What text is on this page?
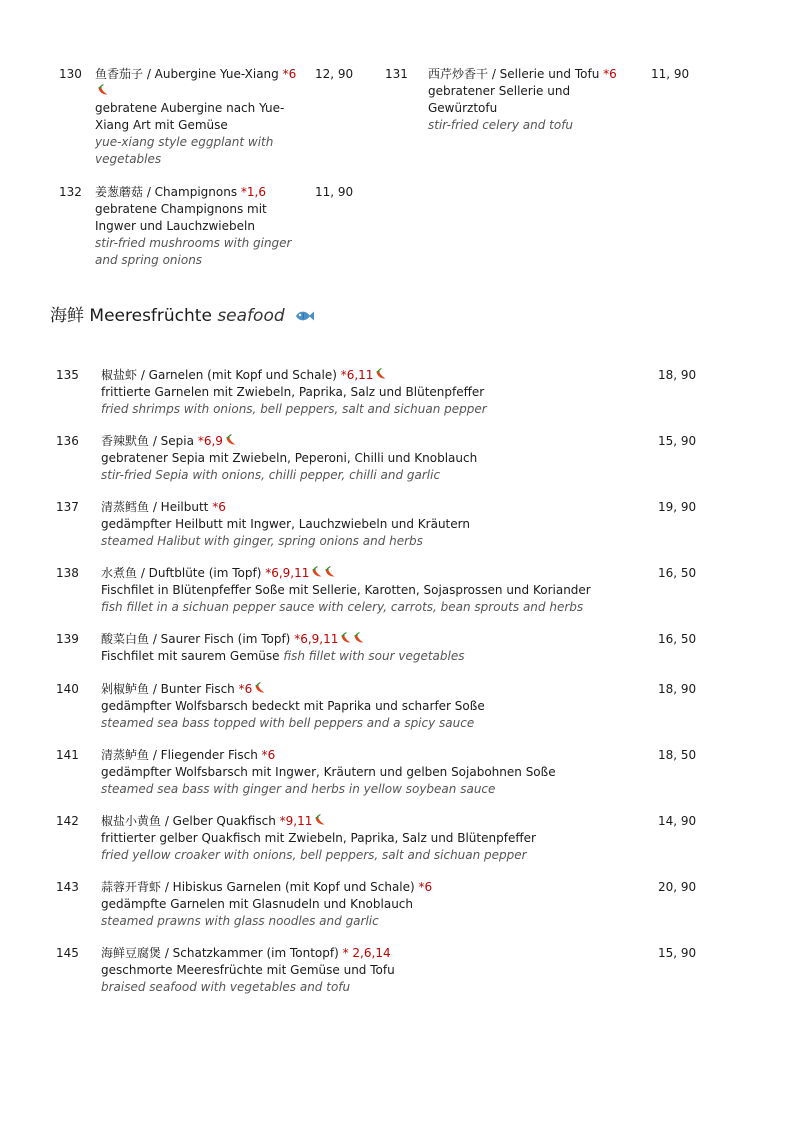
130 鱼香茄子 / Aubergine Yue-Xiang *6
gebratene Aubergine nach Yue-Xiang Art mit Gemüse
yue-xiang style eggplant with vegetables
12, 90	131 西芹炒香干 / Sellerie und Tofu *6
gebratener Sellerie und Gewürztofu
stir-fried celery and tofu
11, 90
132 姜葱蘑菇 / Champignons *1,6
gebratene Champignons mit Ingwer und Lauchzwiebeln
stir-fried mushrooms with ginger and spring onions
11, 90
海鲜 Meeresfrüchte seafood
135 椒盐虾 / Garnelen (mit Kopf und Schale) *6,11
frittierte Garnelen mit Zwiebeln, Paprika, Salz und Blütenpfeffer
fried shrimps with onions, bell peppers, salt and sichuan pepper
18, 90
136 香辣默鱼 / Sepia *6,9
gebratener Sepia mit Zwiebeln, Peperoni, Chilli und Knoblauch
stir-fried Sepia with onions, chilli pepper, chilli and garlic
15, 90
137 清蒸鳕鱼 / Heilbutt *6
gedämpfter Heilbutt mit Ingwer, Lauchzwiebeln und Kräutern
steamed Halibut with ginger, spring onions and herbs
19, 90
138 水煮鱼 / Duftblüte (im Topf) *6,9,11
Fischfilet in Blütenpfeffer Soße mit Sellerie, Karotten, Sojasprossen und Koriander
fish fillet in a sichuan pepper sauce with celery, carrots, bean sprouts and herbs
16, 50
139 酸菜白鱼 / Saurer Fisch (im Topf) *6,9,11
Fischfilet mit saurem Gemüse fish fillet with sour vegetables
16, 50
140 剁椒鲈鱼 / Bunter Fisch *6
gedämpfter Wolfsbarsch bedeckt mit Paprika und scharfer Soße
steamed sea bass topped with bell peppers and a spicy sauce
18, 90
141 清蒸鲈鱼 / Fliegender Fisch *6
gedämpfter Wolfsbarsch mit Ingwer, Kräutern und gelben Sojabohnen Soße
steamed sea bass with ginger and herbs in yellow soybean sauce
18, 50
142 椒盐小黄鱼 / Gelber Quakfisch *9,11
frittierter gelber Quakfisch mit Zwiebeln, Paprika, Salz und Blütenpfeffer
fried yellow croaker with onions, bell peppers, salt and sichuan pepper
14, 90
143 蒜蓉开背虾 / Hibiskus Garnelen (mit Kopf und Schale) *6
gedämpfte Garnelen mit Glasnudeln und Knoblauch
steamed prawns with glass noodles and garlic
20, 90
145 海鲜豆腐煲 / Schatzkammer (im Tontopf) * 2,6,14
geschmorte Meeresfrüchte mit Gemüse und Tofu
braised seafood with vegetables and tofu
15, 90
